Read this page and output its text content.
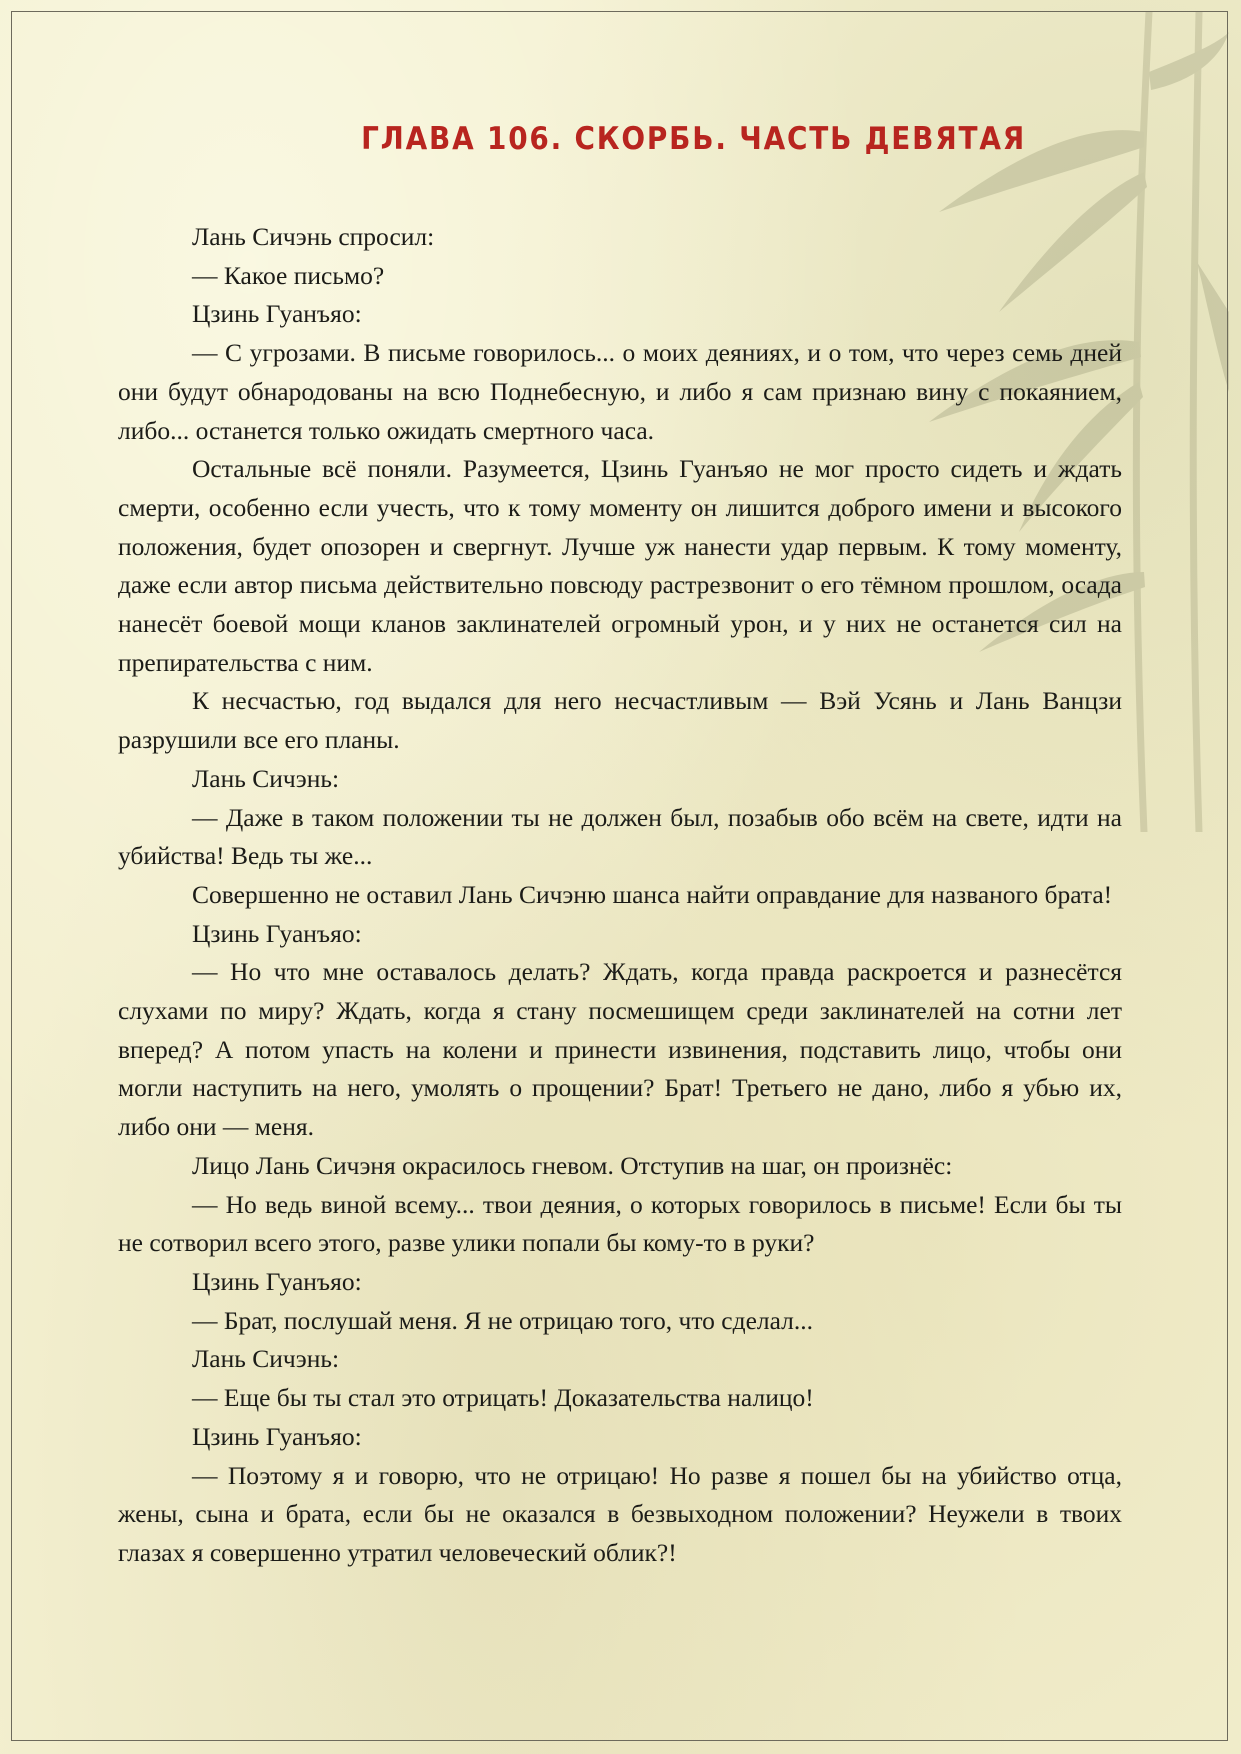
ГЛАВА 106. СКОРБЬ. ЧАСТЬ ДЕВЯТАЯ

Лань Сичэнь спросил:

— Какое письмо?

Цзинь Гуанъяо:

— С угрозами. В письме говорилось... о моих деяниях, и о том, что через семь дней они будут обнародованы на всю Поднебесную, и либо я сам признаю вину с покаянием, либо... останется только ожидать смертного часа.

Остальные всё поняли. Разумеется, Цзинь Гуанъяо не мог просто сидеть и ждать смерти, особенно если учесть, что к тому моменту он лишится доброго имени и высокого положения, будет опозорен и свергнут. Лучше уж нанести удар первым. К тому моменту, даже если автор письма действительно повсюду растрезвонит о его тёмном прошлом, осада нанесёт боевой мощи кланов заклинателей огромный урон, и у них не останется сил на препирательства с ним.

К несчастью, год выдался для него несчастливым — Вэй Усянь и Лань Ванцзи разрушили все его планы.

Лань Сичэнь:

— Даже в таком положении ты не должен был, позабыв обо всём на свете, идти на убийства! Ведь ты же...

Совершенно не оставил Лань Сичэню шанса найти оправдание для названого брата!

Цзинь Гуанъяо:

— Но что мне оставалось делать? Ждать, когда правда раскроется и разнесётся слухами по миру? Ждать, когда я стану посмешищем среди заклинателей на сотни лет вперед? А потом упасть на колени и принести извинения, подставить лицо, чтобы они могли наступить на него, умолять о прощении? Брат! Третьего не дано, либо я убью их, либо они — меня.

Лицо Лань Сичэня окрасилось гневом. Отступив на шаг, он произнёс:

— Но ведь виной всему... твои деяния, о которых говорилось в письме! Если бы ты не сотворил всего этого, разве улики попали бы кому-то в руки?

Цзинь Гуанъяо:

— Брат, послушай меня. Я не отрицаю того, что сделал...

Лань Сичэнь:

— Еще бы ты стал это отрицать! Доказательства налицо!

Цзинь Гуанъяо:

— Поэтому я и говорю, что не отрицаю! Но разве я пошел бы на убийство отца, жены, сына и брата, если бы не оказался в безвыходном положении? Неужели в твоих глазах я совершенно утратил человеческий облик?!
